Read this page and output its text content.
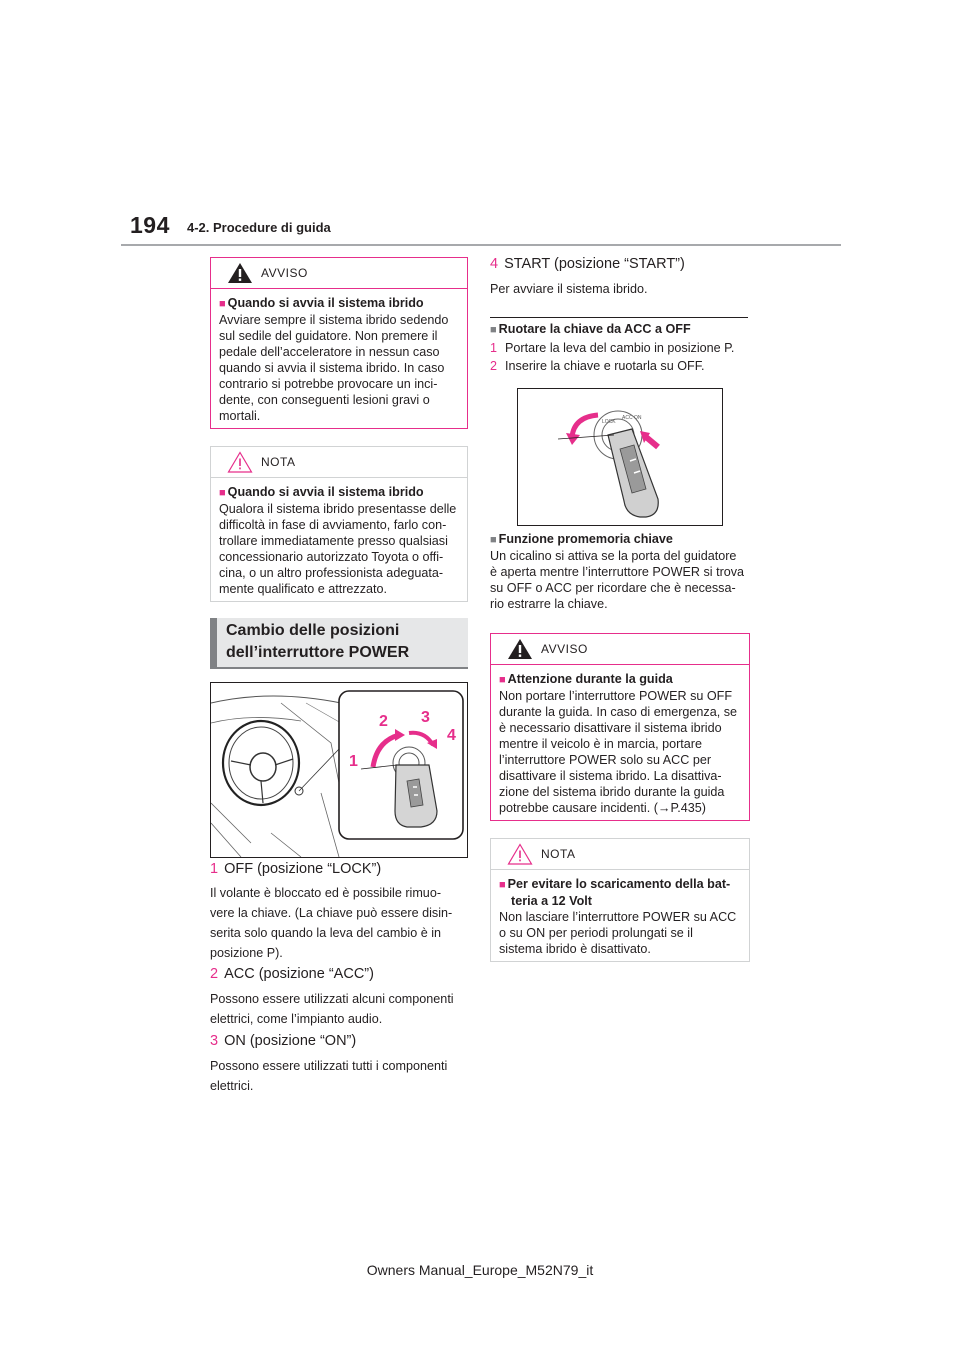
194 4-2. Procedure di guida
AVVISO
■ Quando si avvia il sistema ibrido
Avviare sempre il sistema ibrido sedendo
sul sedile del guidatore. Non premere il
pedale dell’acceleratore in nessun caso
quando si avvia il sistema ibrido. In caso
contrario si potrebbe provocare un inci-
dente, con conseguenti lesioni gravi o
mortali.
NOTA
■ Quando si avvia il sistema ibrido
Qualora il sistema ibrido presentasse delle
difficoltà in fase di avviamento, farlo con-
trollare immediatamente presso qualsiasi
concessionario autorizzato Toyota o offi-
cina, o un altro professionista adeguata-
mente qualificato e attrezzato.
Cambio delle posizioni
dell’interruttore POWER
1
2 3
4
1 OFF (posizione “LOCK”)
Il volante è bloccato ed è possibile rimuo-
vere la chiave. (La chiave può essere disin-
serita solo quando la leva del cambio è in
posizione P).
2 ACC (posizione “ACC”)
Possono essere utilizzati alcuni componenti
elettrici, come l’impianto audio.
3 ON (posizione “ON”)
Possono essere utilizzati tutti i componenti
elettrici.
4 START (posizione “START”)
Per avviare il sistema ibrido.
■ Ruotare la chiave da ACC a OFF
1 Portare la leva del cambio in posizione P.
2 Inserire la chiave e ruotarla su OFF.
LOCK
ACC ON
■ Funzione promemoria chiave
Un cicalino si attiva se la porta del guidatore
è aperta mentre l’interruttore POWER si trova
su OFF o ACC per ricordare che è necessa-
rio estrarre la chiave.
AVVISO
■ Attenzione durante la guida
Non portare l’interruttore POWER su OFF
durante la guida. In caso di emergenza, se
è necessario disattivare il sistema ibrido
mentre il veicolo è in marcia, portare
l’interruttore POWER solo su ACC per
disattivare il sistema ibrido. La disattiva-
zione del sistema ibrido durante la guida
potrebbe causare incidenti. (→P.435)
NOTA
■ Per evitare lo scaricamento della bat-
teria a 12 Volt
Non lasciare l’interruttore POWER su ACC
o su ON per periodi prolungati se il
sistema ibrido è disattivato.
Owners Manual_Europe_M52N79_it
